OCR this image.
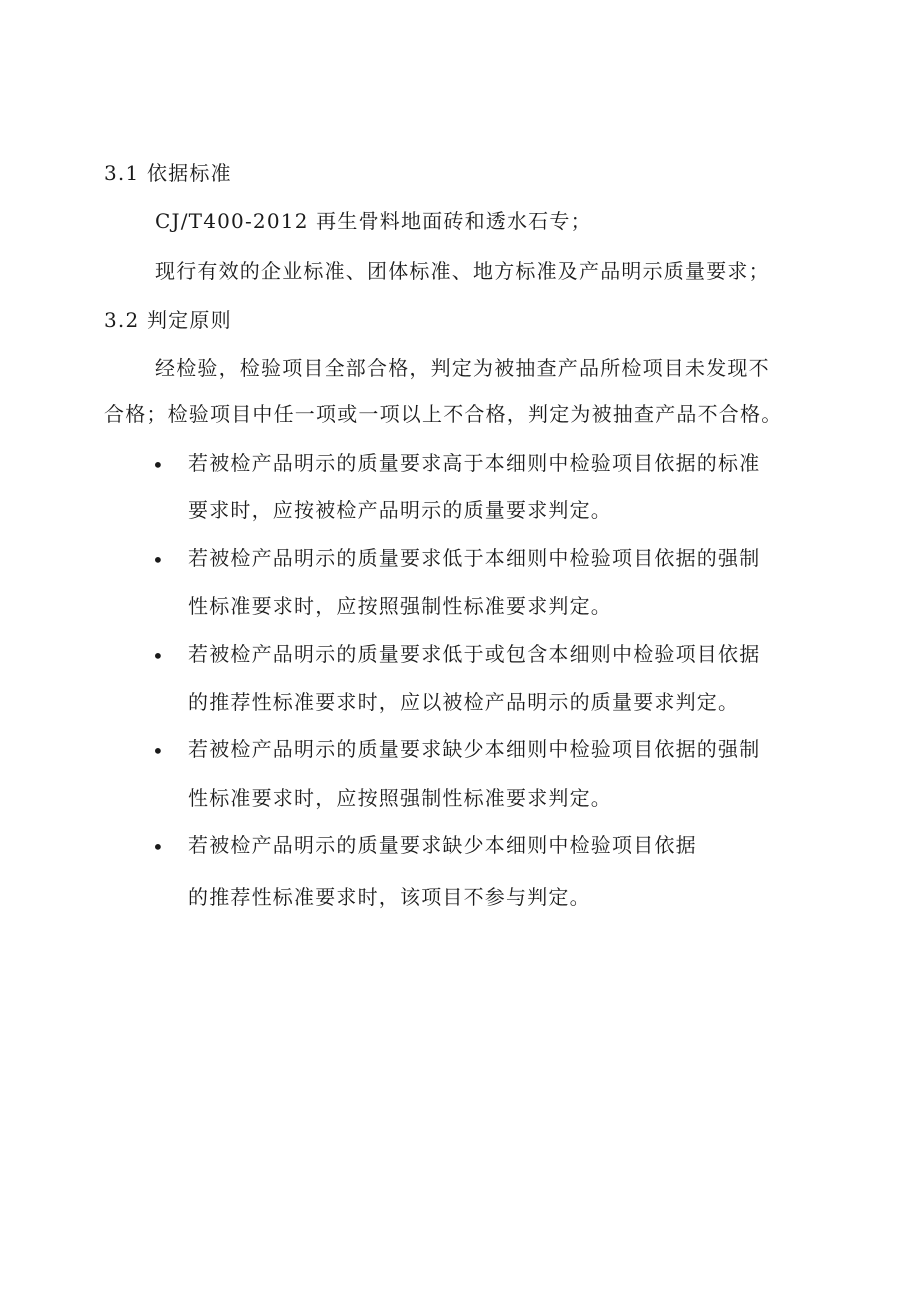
3.1 依据标准
CJ/T400-2012 再生骨料地面砖和透水石专；
现行有效的企业标准、团体标准、地方标准及产品明示质量要求；
3.2 判定原则
经检验，检验项目全部合格，判定为被抽查产品所检项目未发现不
合格；检验项目中任一项或一项以上不合格，判定为被抽查产品不合格。
• 若被检产品明示的质量要求高于本细则中检验项目依据的标准
要求时，应按被检产品明示的质量要求判定。
• 若被检产品明示的质量要求低于本细则中检验项目依据的强制
性标准要求时，应按照强制性标准要求判定。
• 若被检产品明示的质量要求低于或包含本细则中检验项目依据
的推荐性标准要求时，应以被检产品明示的质量要求判定。
• 若被检产品明示的质量要求缺少本细则中检验项目依据的强制
性标准要求时，应按照强制性标准要求判定。
• 若被检产品明示的质量要求缺少本细则中检验项目依据
的推荐性标准要求时，该项目不参与判定。
